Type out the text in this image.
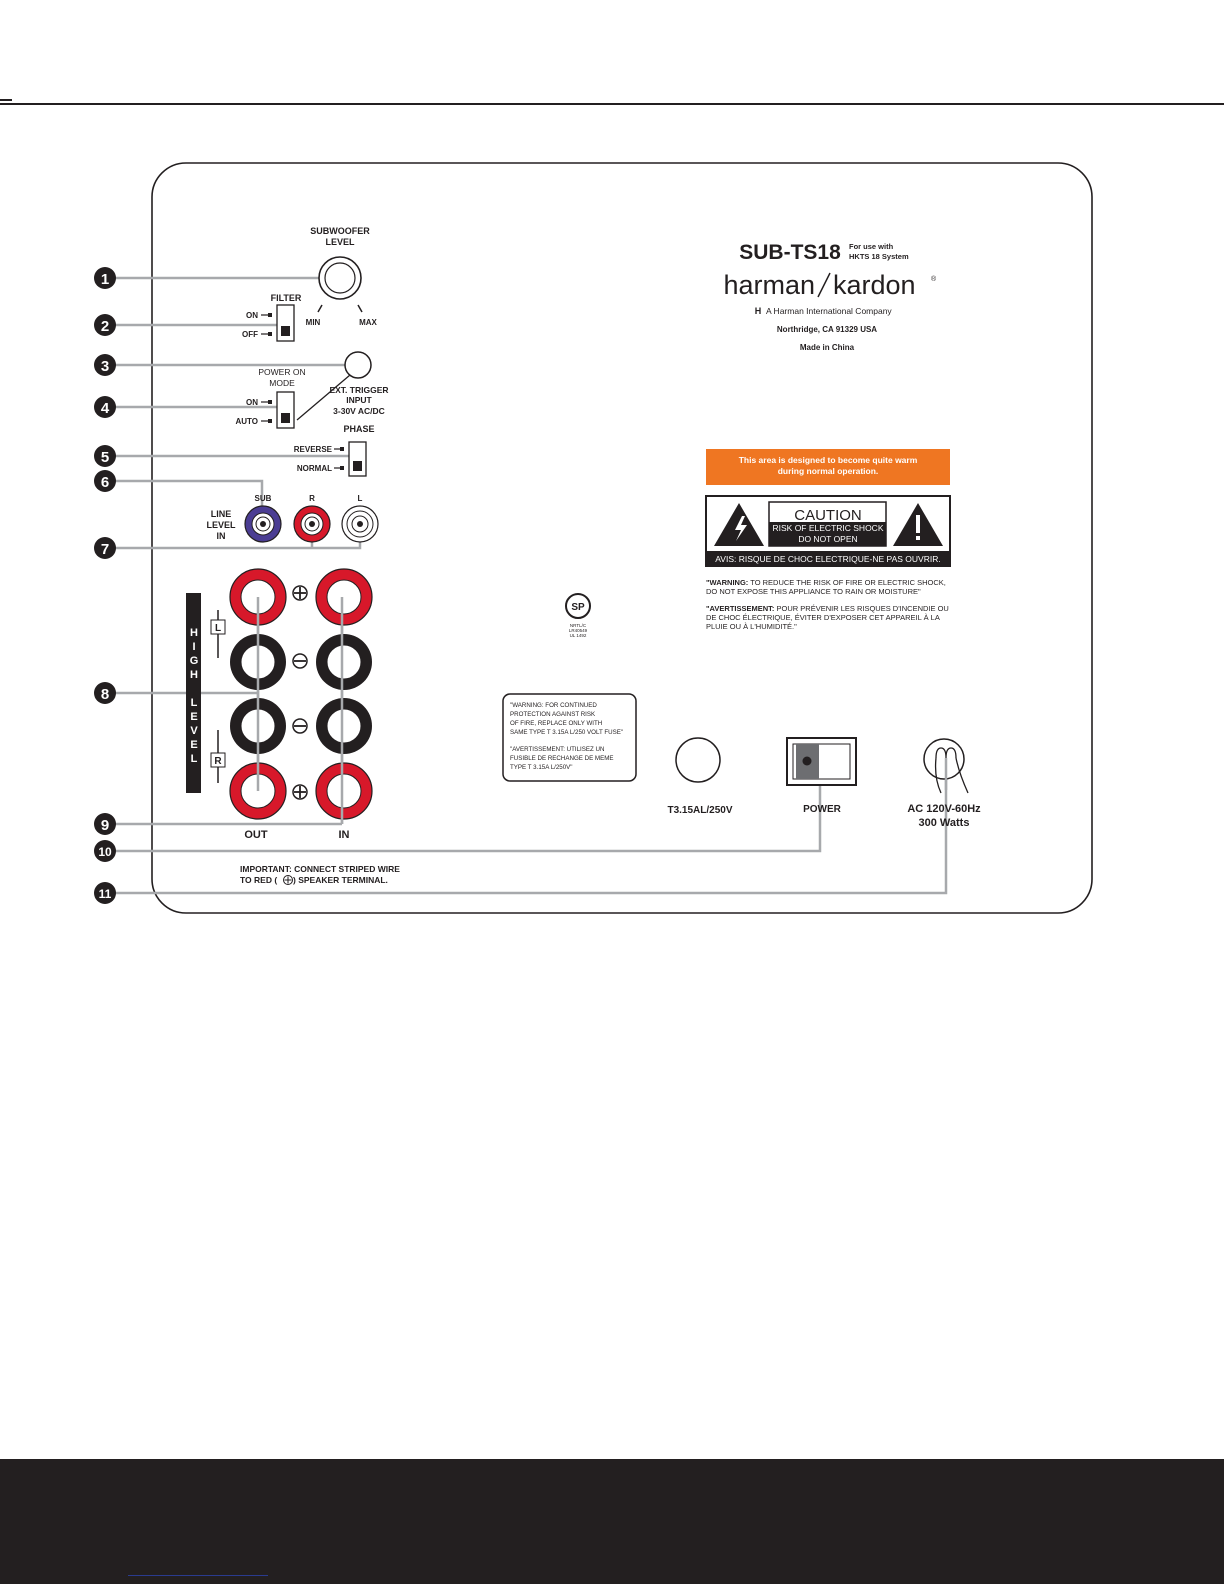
1
2
3
4
5
6
7
8
9
10
11
SUBWOOFER
LEVEL
MIN	MAX
FILTER
ON
OFF
EXT. TRIGGER
INPUT
3-30V AC/DC
POWER ON
MODE
ON
AUTO
PHASE
REVERSE
NORMAL
LINE
LEVEL
IN
SUB	R	L
H
I
G
H
L
E
V
E
L
L
R
OUT	IN
IMPORTANT: CONNECT STRIPED WIRE
TO RED ( ) SPEAKER TERMINAL.
SUB-TS18 For use with
HKTS 18 System
harman kardon ®
H A Harman International Company
Northridge, CA 91329 USA
Made in China
This area is designed to become quite warm
during normal operation.
CAUTION
RISK OF ELECTRIC SHOCK
DO NOT OPEN
AVIS: RISQUE DE CHOC ELECTRIQUE-NE PAS OUVRIR.
"WARNING: TO REDUCE THE RISK OF FIRE OR ELECTRIC SHOCK,
DO NOT EXPOSE THIS APPLIANCE TO RAIN OR MOISTURE"
"AVERTISSEMENT: POUR PRÉVENIR LES RISQUES D'INCENDIE OU
DE CHOC ÉLECTRIQUE, ÉVITER D'EXPOSER CET APPAREIL À LA
PLUIE OU À L'HUMIDITÉ."
SP
NRTL/C
LR40549
UL 1492
"WARNING: FOR CONTINUED
PROTECTION AGAINST RISK
OF FIRE, REPLACE ONLY WITH
SAME TYPE T 3.15A L/250 VOLT FUSE"
"AVERTISSEMENT: UTILISEZ UN
FUSIBLE DE RECHANGE DE MEME
TYPE T 3.15A L/250V"
T3.15AL/250V	POWER	AC 120V-60Hz
300 Watts
